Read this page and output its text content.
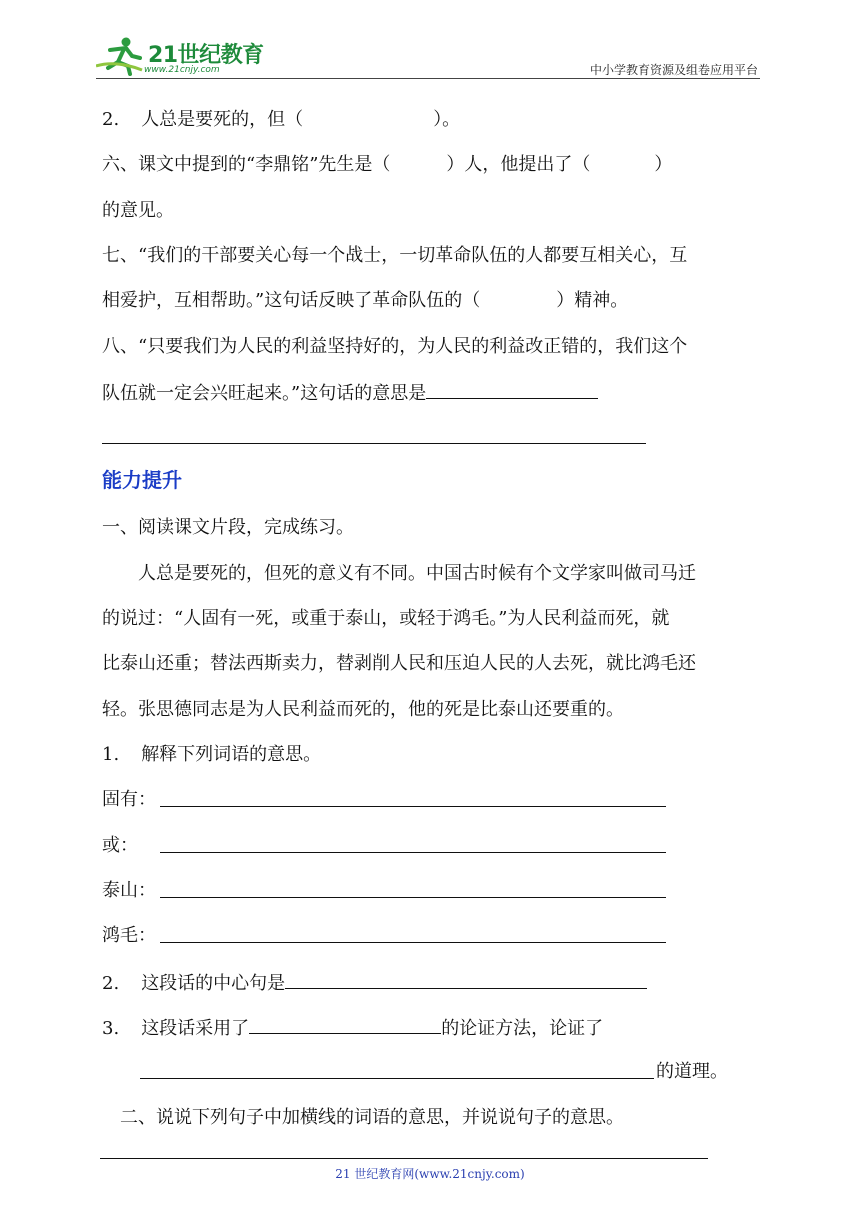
21世纪教育
www.21cnjy.com	中小学教育资源及组卷应用平台
2. 人总是要死的，但（	）。
六、课文中提到的“李鼎铭”先生是（	）人，他提出了（	）
的意见。
七、“我们的干部要关心每一个战士，一切革命队伍的人都要互相关心，互
相爱护，互相帮助。”这句话反映了革命队伍的（	）精神。
八、“只要我们为人民的利益坚持好的，为人民的利益改正错的，我们这个
队伍就一定会兴旺起来。”这句话的意思是
能力提升
一、阅读课文片段，完成练习。
人总是要死的，但死的意义有不同。中国古时候有个文学家叫做司马迁
的说过：“人固有一死，或重于泰山，或轻于鸿毛。”为人民利益而死，就
比泰山还重；替法西斯卖力，替剥削人民和压迫人民的人去死，就比鸿毛还
轻。张思德同志是为人民利益而死的，他的死是比泰山还要重的。
1. 解释下列词语的意思。
固有：
或：
泰山：
鸿毛：
2. 这段话的中心句是
3. 这段话采用了	的论证方法，论证了
的道理。
二、说说下列句子中加横线的词语的意思，并说说句子的意思。
21 世纪教育网(www.21cnjy.com)
